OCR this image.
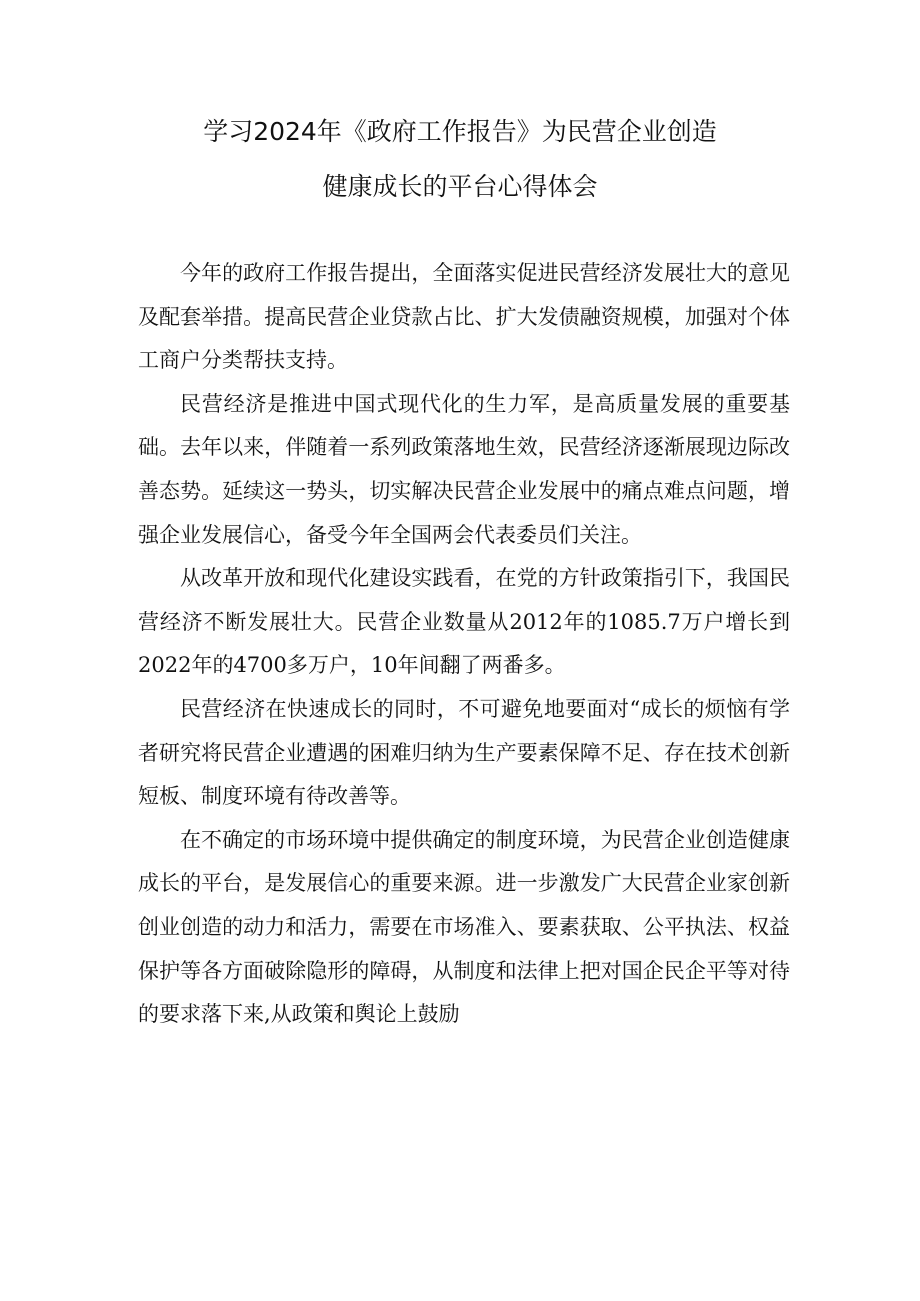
学习2024年《政府工作报告》为民营企业创造
健康成长的平台心得体会

今年的政府工作报告提出，全面落实促进民营经济发展壮大的意见及配套举措。提高民营企业贷款占比、扩大发债融资规模，加强对个体工商户分类帮扶支持。

民营经济是推进中国式现代化的生力军，是高质量发展的重要基础。去年以来，伴随着一系列政策落地生效，民营经济逐渐展现边际改善态势。延续这一势头，切实解决民营企业发展中的痛点难点问题，增强企业发展信心，备受今年全国两会代表委员们关注。

从改革开放和现代化建设实践看，在党的方针政策指引下，我国民营经济不断发展壮大。民营企业数量从2012年的1085.7万户增长到2022年的4700多万户，10年间翻了两番多。

民营经济在快速成长的同时，不可避免地要面对“成长的烦恼有学者研究将民营企业遭遇的困难归纳为生产要素保障不足、存在技术创新短板、制度环境有待改善等。

在不确定的市场环境中提供确定的制度环境，为民营企业创造健康成长的平台，是发展信心的重要来源。进一步激发广大民营企业家创新创业创造的动力和活力，需要在市场准入、要素获取、公平执法、权益保护等各方面破除隐形的障碍，从制度和法律上把对国企民企平等对待的要求落下来,从政策和舆论上鼓励
